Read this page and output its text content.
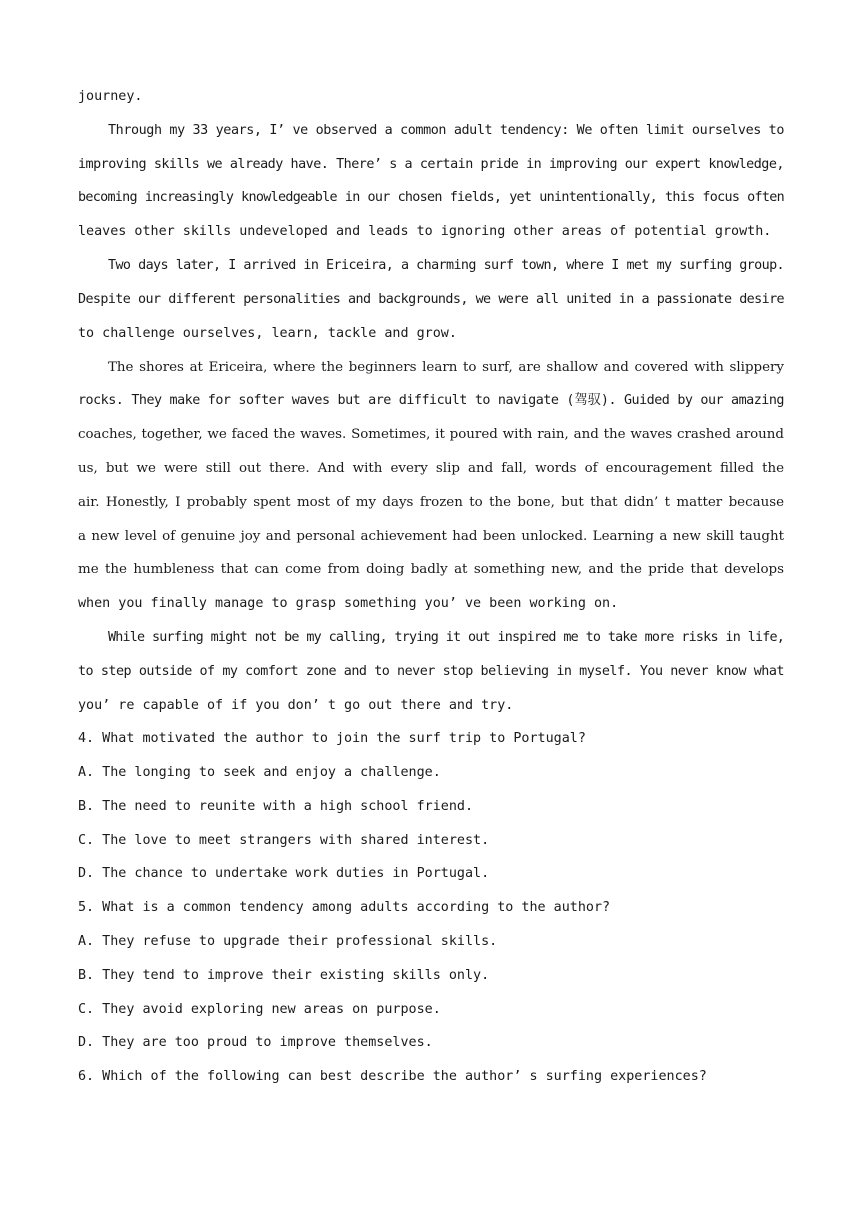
journey.
Through my 33 years, I’ ve observed a common adult tendency: We often limit ourselves to
improving skills we already have. There’ s a certain pride in improving our expert knowledge,
becoming increasingly knowledgeable in our chosen fields, yet unintentionally, this focus often
leaves other skills undeveloped and leads to ignoring other areas of potential growth.
Two days later, I arrived in Ericeira, a charming surf town, where I met my surfing group.
Despite our different personalities and backgrounds, we were all united in a passionate desire
to challenge ourselves, learn, tackle and grow.
The shores at Ericeira, where the beginners learn to surf, are shallow and covered with slippery
rocks. They make for softer waves but are difficult to navigate (驾驭). Guided by our amazing
coaches, together, we faced the waves. Sometimes, it poured with rain, and the waves crashed around
us, but we were still out there. And with every slip and fall, words of encouragement filled the
air. Honestly, I probably spent most of my days frozen to the bone, but that didn’ t matter because
a new level of genuine joy and personal achievement had been unlocked. Learning a new skill taught
me the humbleness that can come from doing badly at something new, and the pride that develops
when you finally manage to grasp something you’ ve been working on.
While surfing might not be my calling, trying it out inspired me to take more risks in life,
to step outside of my comfort zone and to never stop believing in myself. You never know what
you’ re capable of if you don’ t go out there and try.
4. What motivated the author to join the surf trip to Portugal?
A. The longing to seek and enjoy a challenge.
B. The need to reunite with a high school friend.
C. The love to meet strangers with shared interest.
D. The chance to undertake work duties in Portugal.
5. What is a common tendency among adults according to the author?
A. They refuse to upgrade their professional skills.
B. They tend to improve their existing skills only.
C. They avoid exploring new areas on purpose.
D. They are too proud to improve themselves.
6. Which of the following can best describe the author’ s surfing experiences?
